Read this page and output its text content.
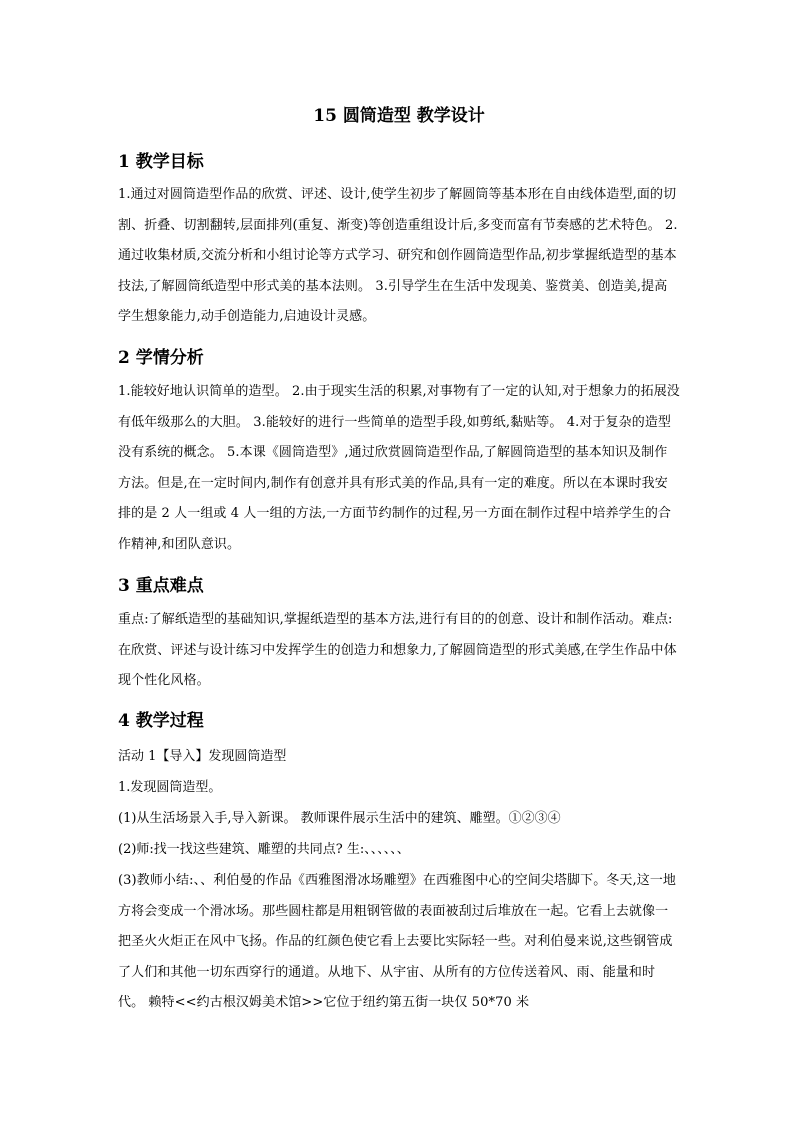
15 圆筒造型 教学设计
1 教学目标
1.通过对圆筒造型作品的欣赏、评述、设计,使学生初步了解圆筒等基本形在自由线体造型,面的切割、折叠、切割翻转,层面排列(重复、渐变)等创造重组设计后,多变而富有节奏感的艺术特色。 2.通过收集材质,交流分析和小组讨论等方式学习、研究和创作圆筒造型作品,初步掌握纸造型的基本技法,了解圆筒纸造型中形式美的基本法则。 3.引导学生在生活中发现美、鉴赏美、创造美,提高学生想象能力,动手创造能力,启迪设计灵感。
2 学情分析
1.能较好地认识简单的造型。 2.由于现实生活的积累,对事物有了一定的认知,对于想象力的拓展没有低年级那么的大胆。 3.能较好的进行一些简单的造型手段,如剪纸,黏贴等。 4.对于复杂的造型没有系统的概念。 5.本课《圆筒造型》,通过欣赏圆筒造型作品,了解圆筒造型的基本知识及制作方法。但是,在一定时间内,制作有创意并具有形式美的作品,具有一定的难度。所以在本课时我安排的是 2 人一组或 4 人一组的方法,一方面节约制作的过程,另一方面在制作过程中培养学生的合作精神,和团队意识。
3 重点难点
重点:了解纸造型的基础知识,掌握纸造型的基本方法,进行有目的的创意、设计和制作活动。难点:在欣赏、评述与设计练习中发挥学生的创造力和想象力,了解圆筒造型的形式美感,在学生作品中体现个性化风格。
4 教学过程
活动 1【导入】发现圆筒造型
1.发现圆筒造型。
(1)从生活场景入手,导入新课。 教师课件展示生活中的建筑、雕塑。①②③④
(2)师:找一找这些建筑、雕塑的共同点? 生:、、、、、、
(3)教师小结:、、利伯曼的作品《西雅图滑冰场雕塑》在西雅图中心的空间尖塔脚下。冬天,这一地方将会变成一个滑冰场。那些圆柱都是用粗钢管做的表面被刮过后堆放在一起。它看上去就像一把圣火火炬正在风中飞扬。作品的红颜色使它看上去要比实际轻一些。对利伯曼来说,这些钢管成了人们和其他一切东西穿行的通道。从地下、从宇宙、从所有的方位传送着风、雨、能量和时代。 赖特<<约古根汉姆美术馆>>它位于纽约第五街一块仅 50*70 米
